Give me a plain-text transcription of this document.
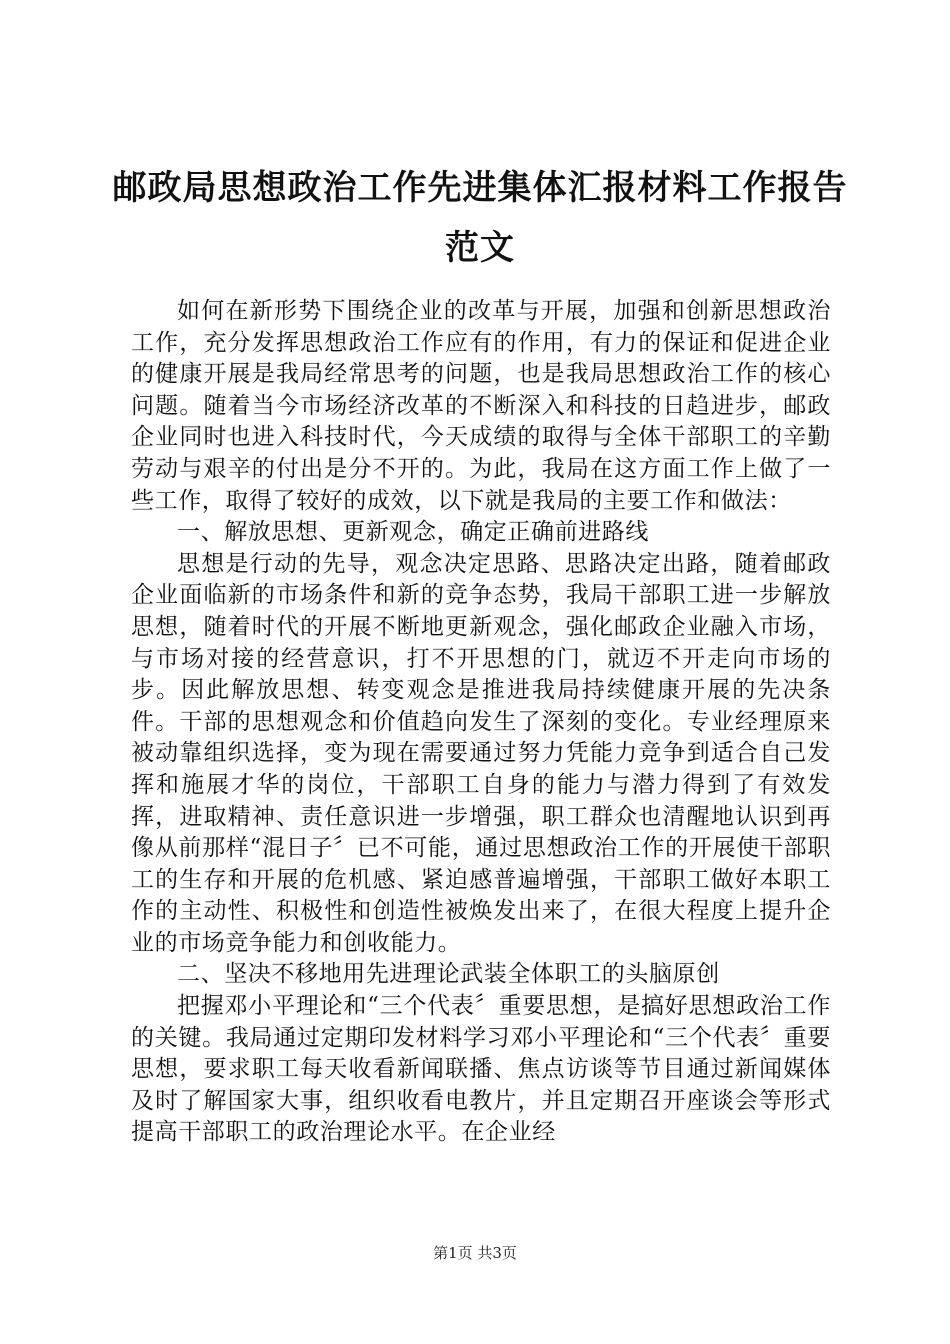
邮政局思想政治工作先进集体汇报材料工作报告范文

如何在新形势下围绕企业的改革与开展，加强和创新思想政治工作，充分发挥思想政治工作应有的作用，有力的保证和促进企业的健康开展是我局经常思考的问题，也是我局思想政治工作的核心问题。随着当今市场经济改革的不断深入和科技的日趋进步，邮政企业同时也进入科技时代，今天成绩的取得与全体干部职工的辛勤劳动与艰辛的付出是分不开的。为此，我局在这方面工作上做了一些工作，取得了较好的成效，以下就是我局的主要工作和做法：

一、解放思想、更新观念，确定正确前进路线

思想是行动的先导，观念决定思路、思路决定出路，随着邮政企业面临新的市场条件和新的竞争态势，我局干部职工进一步解放思想，随着时代的开展不断地更新观念，强化邮政企业融入市场，与市场对接的经营意识，打不开思想的门，就迈不开走向市场的步。因此解放思想、转变观念是推进我局持续健康开展的先决条件。干部的思想观念和价值趋向发生了深刻的变化。专业经理原来被动靠组织选择，变为现在需要通过努力凭能力竞争到适合自己发挥和施展才华的岗位，干部职工自身的能力与潜力得到了有效发挥，进取精神、责任意识进一步增强，职工群众也清醒地认识到再像从前那样“混日子〞已不可能，通过思想政治工作的开展使干部职工的生存和开展的危机感、紧迫感普遍增强，干部职工做好本职工作的主动性、积极性和创造性被焕发出来了，在很大程度上提升企业的市场竞争能力和创收能力。

二、坚决不移地用先进理论武装全体职工的头脑原创

把握邓小平理论和“三个代表〞重要思想，是搞好思想政治工作的关键。我局通过定期印发材料学习邓小平理论和“三个代表〞重要思想，要求职工每天收看新闻联播、焦点访谈等节目通过新闻媒体及时了解国家大事，组织收看电教片，并且定期召开座谈会等形式提高干部职工的政治理论水平。在企业经

第1页 共3页
